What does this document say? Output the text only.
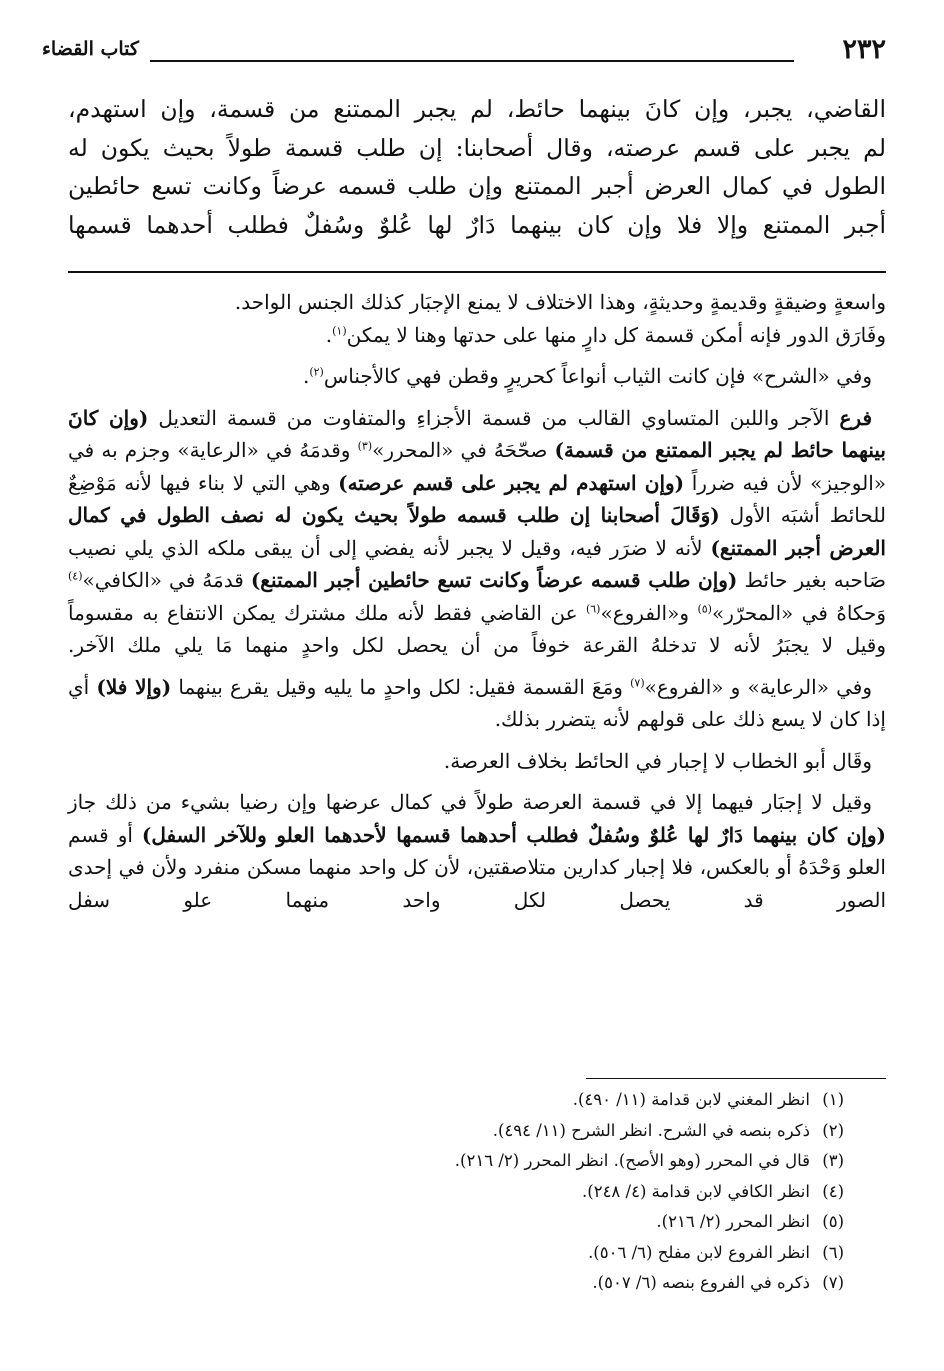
٢٣٢
كتاب القضاء

القاضي، يجبر، وإن كانَ بينهما حائط، لم يجبر الممتنع من قسمة، وإن استهدم،

لم يجبر على قسم عرصته، وقال أصحابنا: إن طلب قسمة طولاً بحيث يكون له

الطول في كمال العرض أجبر الممتنع وإن طلب قسمه عرضاً وكانت تسع حائطين

أجبر الممتنع وإلا فلا وإن كان بينهما دَارٌ لها عُلوٌ وسُفلٌ فطلب أحدهما قسمها

واسعةٍ وضيقةٍ وقديمةٍ وحديثةٍ، وهذا الاختلاف لا يمنع الإجبَار كذلك الجنس الواحد.
وفَارَق الدور فإنه أمكن قسمة كل دارٍ منها على حدتها وهنا لا يمكن$^{(١)}$.

وفي «الشرح» فإن كانت الثياب أنواعاً كحريرٍ وقطن فهي كالأجناس$^{(٢)}$.

فرع الآجر واللبن المتساوي القالب من قسمة الأجزاءِ والمتفاوت من قسمة التعديل (وإن كانَ بينهما حائط لم يجبر الممتنع من قسمة) صحّحَهُ في «المحرر»$^{(٣)}$ وقدمَهُ في «الرعاية» وجزم به في «الوجيز» لأن فيه ضرراً (وإن استهدم لم يجبر على قسم عرصته) وهي التي لا بناء فيها لأنه مَوْضِعٌ للحائط أشبَه الأول (وَقَالَ أصحابنا إن طلب قسمه طولاً بحيث يكون له نصف الطول في كمال العرض أجبر الممتنع) لأنه لا ضرَر فيه، وقيل لا يجبر لأنه يفضي إلى أن يبقى ملكه الذي يلي نصيب صَاحبه بغير حائط (وإن طلب قسمه عرضاً وكانت تسع حائطين أجبر الممتنع) قدمَهُ في «الكافي»$^{(٤)}$ وَحكاهُ في «المحرّر»$^{(٥)}$ و«الفروع»$^{(٦)}$ عن القاضي فقط لأنه ملك مشترك يمكن الانتفاع به مقسوماً وقيل لا يجبَرُ لأنه لا تدخلهُ القرعة خوفاً من أن يحصل لكل واحدٍ منهما مَا يلي ملك الآخر.

وفي «الرعاية» و «الفروع»$^{(٧)}$ ومَعَ القسمة فقيل: لكل واحدٍ ما يليه وقيل يقرع بينهما (وإلا فلا) أي إذا كان لا يسع ذلك على قولهم لأنه يتضرر بذلك.

وقَال أبو الخطاب لا إجبار في الحائط بخلاف العرصة.

وقيل لا إجبَار فيهما إلا في قسمة العرصة طولاً في كمال عرضها وإن رضيا بشيء من ذلك جاز (وإن كان بينهما دَارٌ لها عُلوٌ وسُفلٌ فطلب أحدهما قسمها لأحدهما العلو وللآخر السفل) أو قسم العلو وَحْدَهُ أو بالعكس، فلا إجبار كدارين متلاصقتين، لأن كل واحد منهما مسكن منفرد ولأن في إحدى الصور قد يحصل لكل واحد منهما علو سفل

(١)انظر المغني لابن قدامة (١١/ ٤٩٠).
(٢)ذكره بنصه في الشرح. انظر الشرح (١١/ ٤٩٤).
(٣)قال في المحرر (وهو الأصح). انظر المحرر (٢/ ٢١٦).
(٤)انظر الكافي لابن قدامة (٤/ ٢٤٨).
(٥)انظر المحرر (٢/ ٢١٦).
(٦)انظر الفروع لابن مفلح (٦/ ٥٠٦).
(٧)ذكره في الفروع بنصه (٦/ ٥٠٧).
